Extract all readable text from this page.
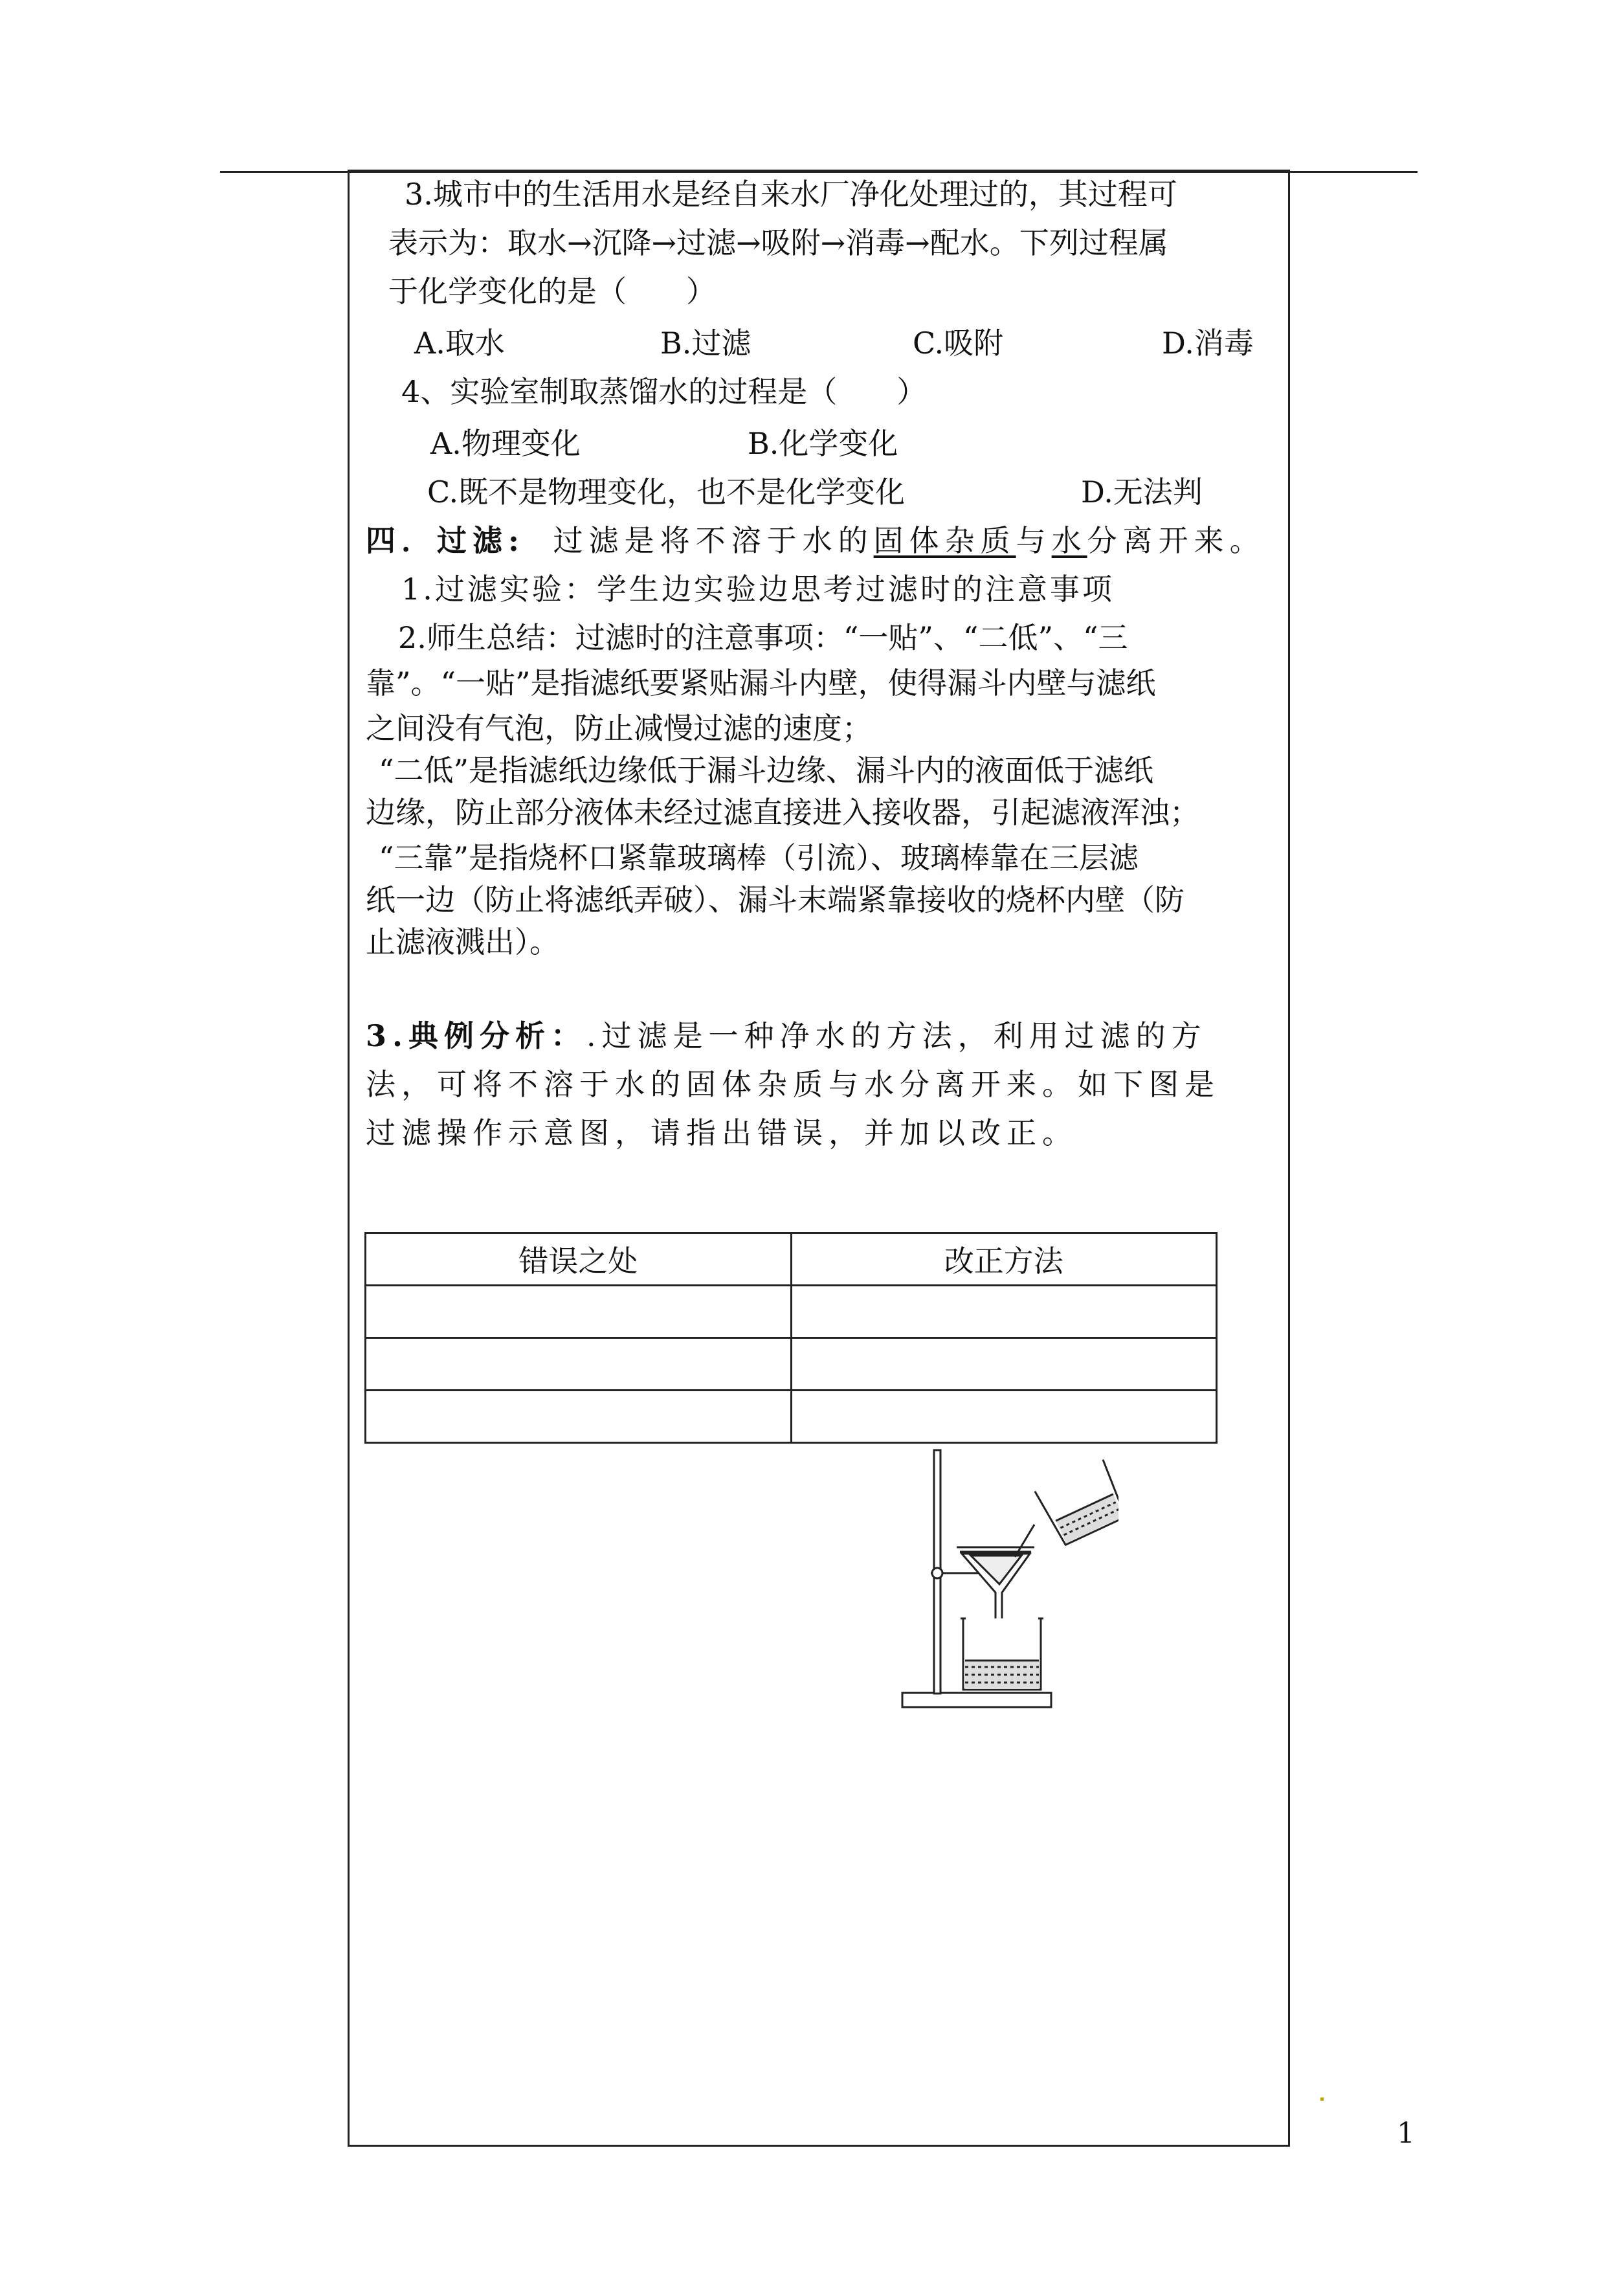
3.城市中的生活用水是经自来水厂净化处理过的，其过程可
表示为：取水→沉降→过滤→吸附→消毒→配水。下列过程属
于化学变化的是（　　）
A.取水	B.过滤	C.吸附	D.消毒
4、实验室制取蒸馏水的过程是（　　）
A.物理变化	B.化学变化
C.既不是物理变化，也不是化学变化	D.无法判
四．过滤: 过滤是将不溶于水的固体杂质与水分离开来。
1.过滤实验：学生边实验边思考过滤时的注意事项
2.师生总结：过滤时的注意事项：“一贴”、“二低”、“三
靠”。“一贴”是指滤纸要紧贴漏斗内壁，使得漏斗内壁与滤纸
之间没有气泡，防止减慢过滤的速度；
“二低”是指滤纸边缘低于漏斗边缘、漏斗内的液面低于滤纸
边缘，防止部分液体未经过滤直接进入接收器，引起滤液浑浊；
“三靠”是指烧杯口紧靠玻璃棒（引流）、玻璃棒靠在三层滤
纸一边（防止将滤纸弄破）、漏斗末端紧靠接收的烧杯内壁（防
止滤液溅出）。
3.典例分析：.过滤是一种净水的方法，利用过滤的方
法，可将不溶于水的固体杂质与水分离开来。如下图是
过滤操作示意图，请指出错误，并加以改正。
错误之处	改正方法

1
